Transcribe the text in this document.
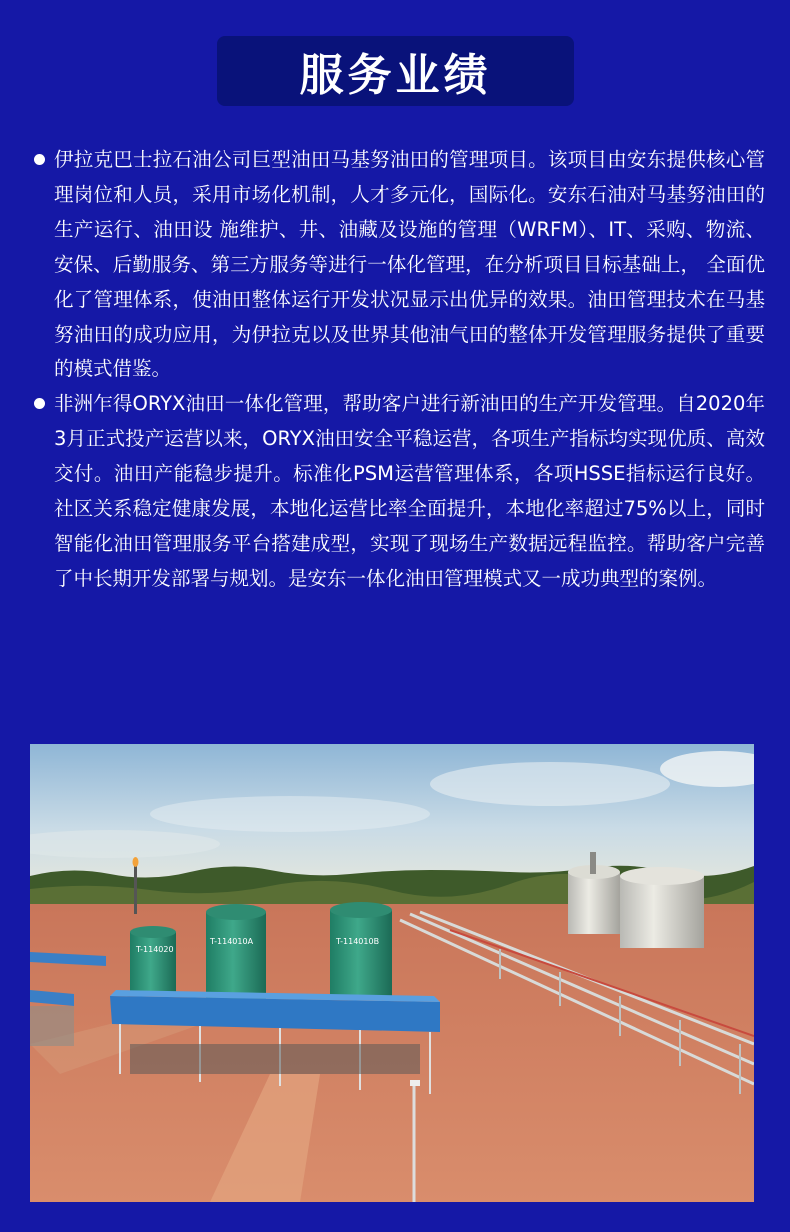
服务业绩
伊拉克巴士拉石油公司巨型油田马基努油田的管理项目。该项目由安东提供核心管理岗位和人员，采用市场化机制，人才多元化，国际化。安东石油对马基努油田的生产运行、油田设 施维护、井、油藏及设施的管理（WRFM）、IT、采购、物流、安保、后勤服务、第三方服务等进行一体化管理，在分析项目目标基础上， 全面优化了管理体系，使油田整体运行开发状况显示出优异的效果。油田管理技术在马基努油田的成功应用，为伊拉克以及世界其他油气田的整体开发管理服务提供了重要的模式借鉴。
非洲乍得ORYX油田一体化管理，帮助客户进行新油田的生产开发管理。自2020年3月正式投产运营以来，ORYX油田安全平稳运营，各项生产指标均实现优质、高效交付。油田产能稳步提升。标准化PSM运营管理体系，各项HSSE指标运行良好。社区关系稳定健康发展，本地化运营比率全面提升，本地化率超过75%以上，同时智能化油田管理服务平台搭建成型，实现了现场生产数据远程监控。帮助客户完善了中长期开发部署与规划。是安东一体化油田管理模式又一成功典型的案例。
T-114020
T-114010A	T-114010B
